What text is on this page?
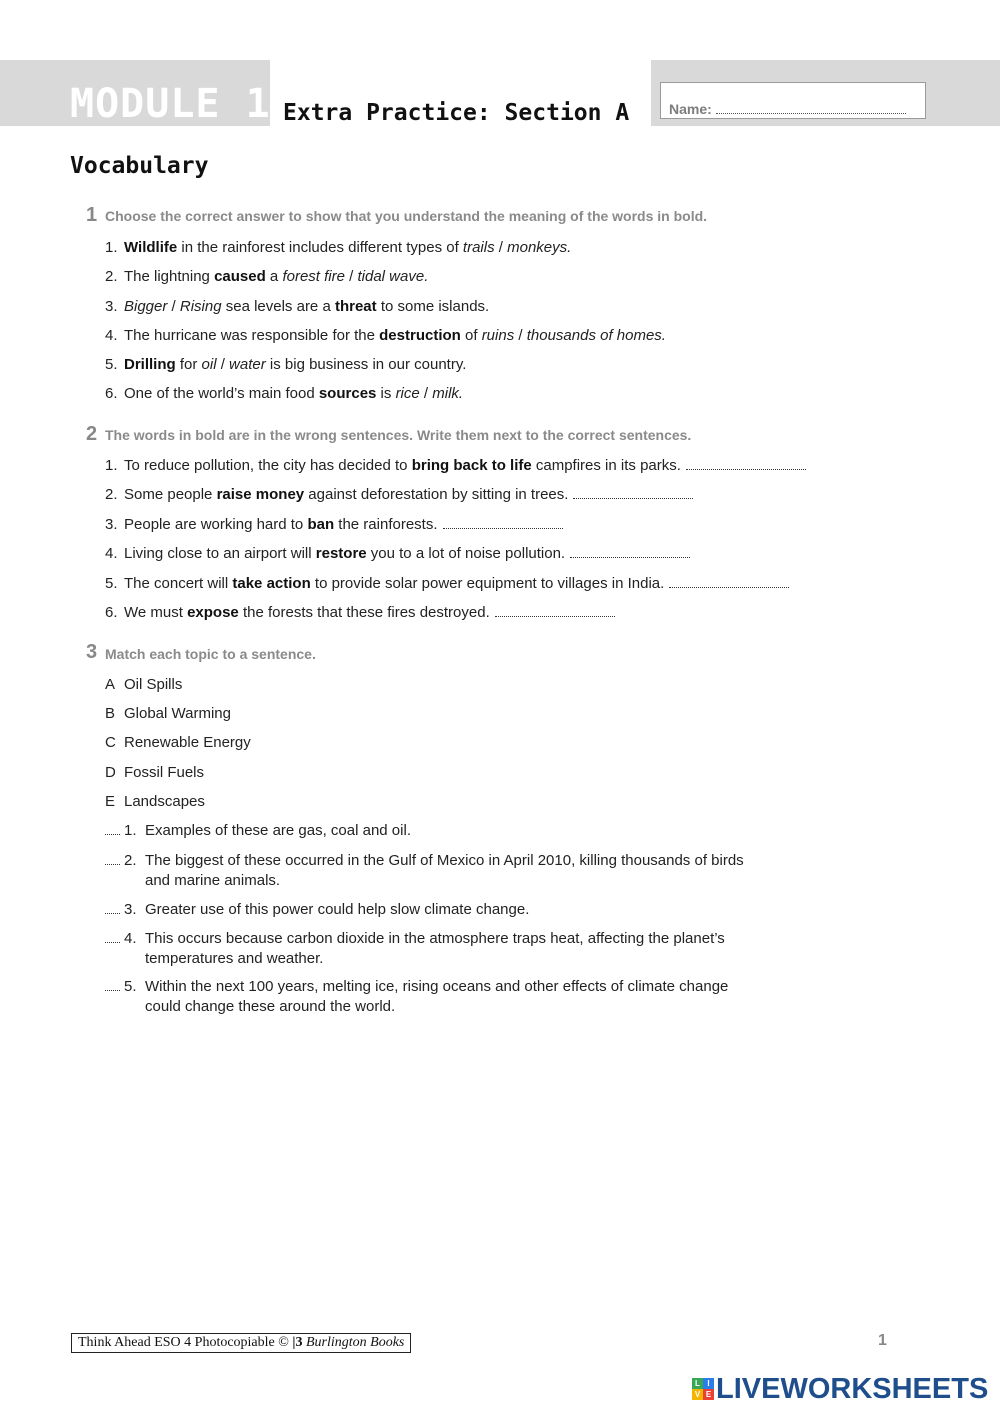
MODULE 1 Extra Practice: Section A	Name:
Vocabulary
1 Choose the correct answer to show that you understand the meaning of the words in bold.
1. Wildlife in the rainforest includes different types of trails / monkeys.
2. The lightning caused a forest fire / tidal wave.
3. Bigger / Rising sea levels are a threat to some islands.
4. The hurricane was responsible for the destruction of ruins / thousands of homes.
5. Drilling for oil / water is big business in our country.
6. One of the world’s main food sources is rice / milk.
2 The words in bold are in the wrong sentences. Write them next to the correct sentences.
1. To reduce pollution, the city has decided to bring back to life campfires in its parks.
2. Some people raise money against deforestation by sitting in trees.
3. People are working hard to ban the rainforests.
4. Living close to an airport will restore you to a lot of noise pollution.
5. The concert will take action to provide solar power equipment to villages in India.
6. We must expose the forests that these fires destroyed.
3 Match each topic to a sentence.
A Oil Spills
B Global Warming
C Renewable Energy
D Fossil Fuels
E Landscapes
1. Examples of these are gas, coal and oil.
2. The biggest of these occurred in the Gulf of Mexico in April 2010, killing thousands of birds and marine animals.
3. Greater use of this power could help slow climate change.
4. This occurs because carbon dioxide in the atmosphere traps heat, affecting the planet’s temperatures and weather.
5. Within the next 100 years, melting ice, rising oceans and other effects of climate change could change these around the world.
Think Ahead ESO 4 Photocopiable © |3 Burlington Books	1
L I
V E LIVEWORKSHEETS
